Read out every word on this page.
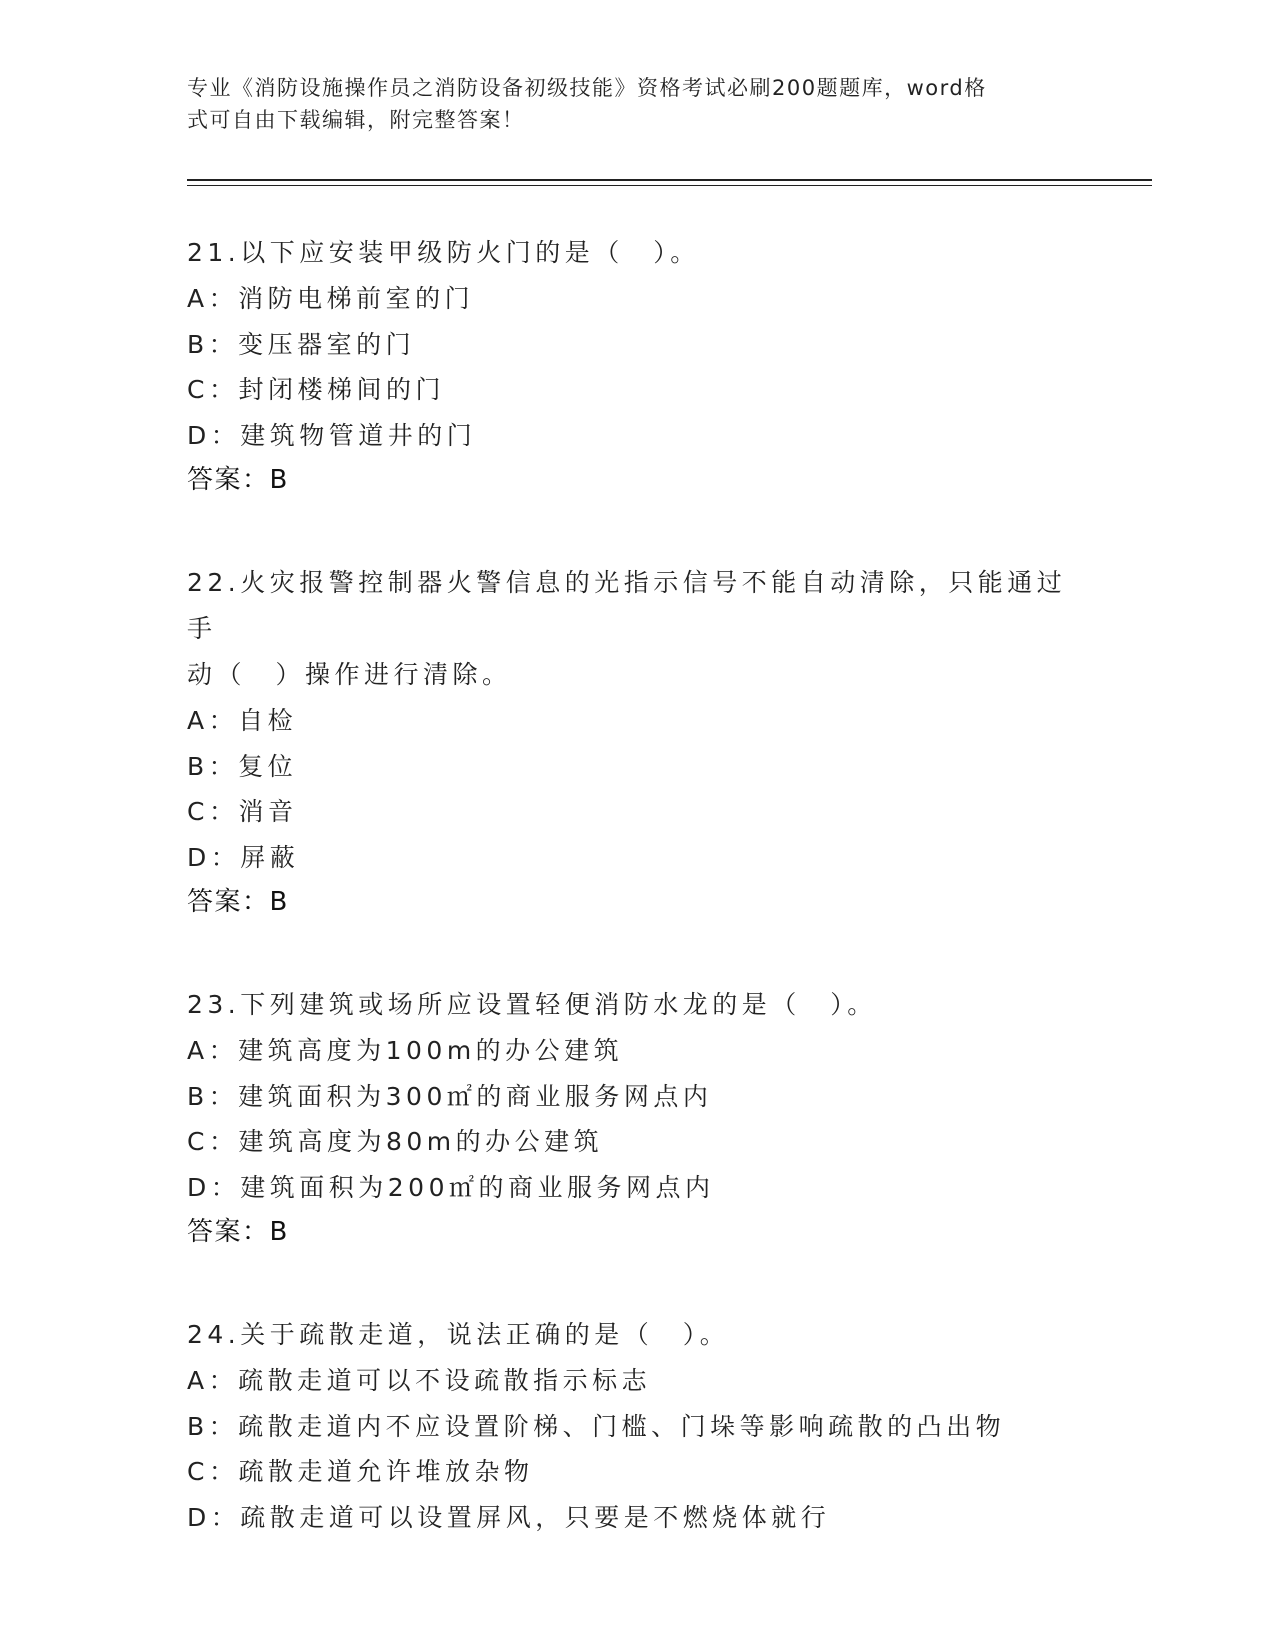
专业《消防设施操作员之消防设备初级技能》资格考试必刷200题题库，word格
式可自由下载编辑，附完整答案！
21.以下应安装甲级防火门的是（　）。
A：消防电梯前室的门
B：变压器室的门
C：封闭楼梯间的门
D：建筑物管道井的门
答案：B
22.火灾报警控制器火警信息的光指示信号不能自动清除，只能通过手
动（　）操作进行清除。
A：自检
B：复位
C：消音
D：屏蔽
答案：B
23.下列建筑或场所应设置轻便消防水龙的是（　）。
A：建筑高度为100m的办公建筑
B：建筑面积为300㎡的商业服务网点内
C：建筑高度为80m的办公建筑
D：建筑面积为200㎡的商业服务网点内
答案：B
24.关于疏散走道，说法正确的是（　）。
A：疏散走道可以不设疏散指示标志
B：疏散走道内不应设置阶梯、门槛、门垛等影响疏散的凸出物
C：疏散走道允许堆放杂物
D：疏散走道可以设置屏风，只要是不燃烧体就行
